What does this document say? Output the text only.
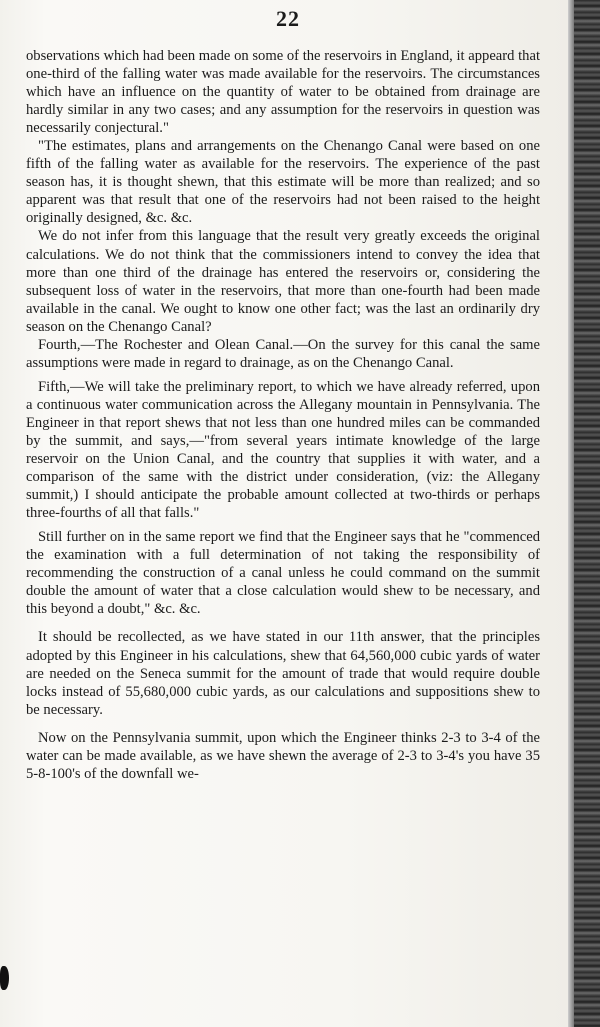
22

observations which had been made on some of the reservoirs in England, it appeard that one-third of the falling water was made available for the reservoirs. The circumstances which have an influence on the quantity of water to be obtained from drainage are hardly similar in any two cases; and any assumption for the reservoirs in question was necessarily conjectural."

"The estimates, plans and arrangements on the Chenango Canal were based on one fifth of the falling water as available for the reservoirs. The experience of the past season has, it is thought shewn, that this estimate will be more than realized; and so apparent was that result that one of the reservoirs had not been raised to the height originally designed, &c. &c.

We do not infer from this language that the result very greatly exceeds the original calculations. We do not think that the commissioners intend to convey the idea that more than one third of the drainage has entered the reservoirs or, considering the subsequent loss of water in the reservoirs, that more than one-fourth had been made available in the canal. We ought to know one other fact; was the last an ordinarily dry season on the Chenango Canal?

Fourth,—The Rochester and Olean Canal.—On the survey for this canal the same assumptions were made in regard to drainage, as on the Chenango Canal.

Fifth,—We will take the preliminary report, to which we have already referred, upon a continuous water communication across the Allegany mountain in Pennsylvania. The Engineer in that report shews that not less than one hundred miles can be commanded by the summit, and says,—"from several years intimate knowledge of the large reservoir on the Union Canal, and the country that supplies it with water, and a comparison of the same with the district under consideration, (viz: the Allegany summit,) I should anticipate the probable amount collected at two-thirds or perhaps three-fourths of all that falls."

Still further on in the same report we find that the Engineer says that he "commenced the examination with a full determination of not taking the responsibility of recommending the construction of a canal unless he could command on the summit double the amount of water that a close calculation would shew to be necessary, and this beyond a doubt," &c. &c.

It should be recollected, as we have stated in our 11th answer, that the principles adopted by this Engineer in his calculations, shew that 64,560,000 cubic yards of water are needed on the Seneca summit for the amount of trade that would require double locks instead of 55,680,000 cubic yards, as our calculations and suppositions shew to be necessary.

Now on the Pennsylvania summit, upon which the Engineer thinks 2-3 to 3-4 of the water can be made available, as we have shewn the average of 2-3 to 3-4's you have 35 5-8-100's of the downfall we-
